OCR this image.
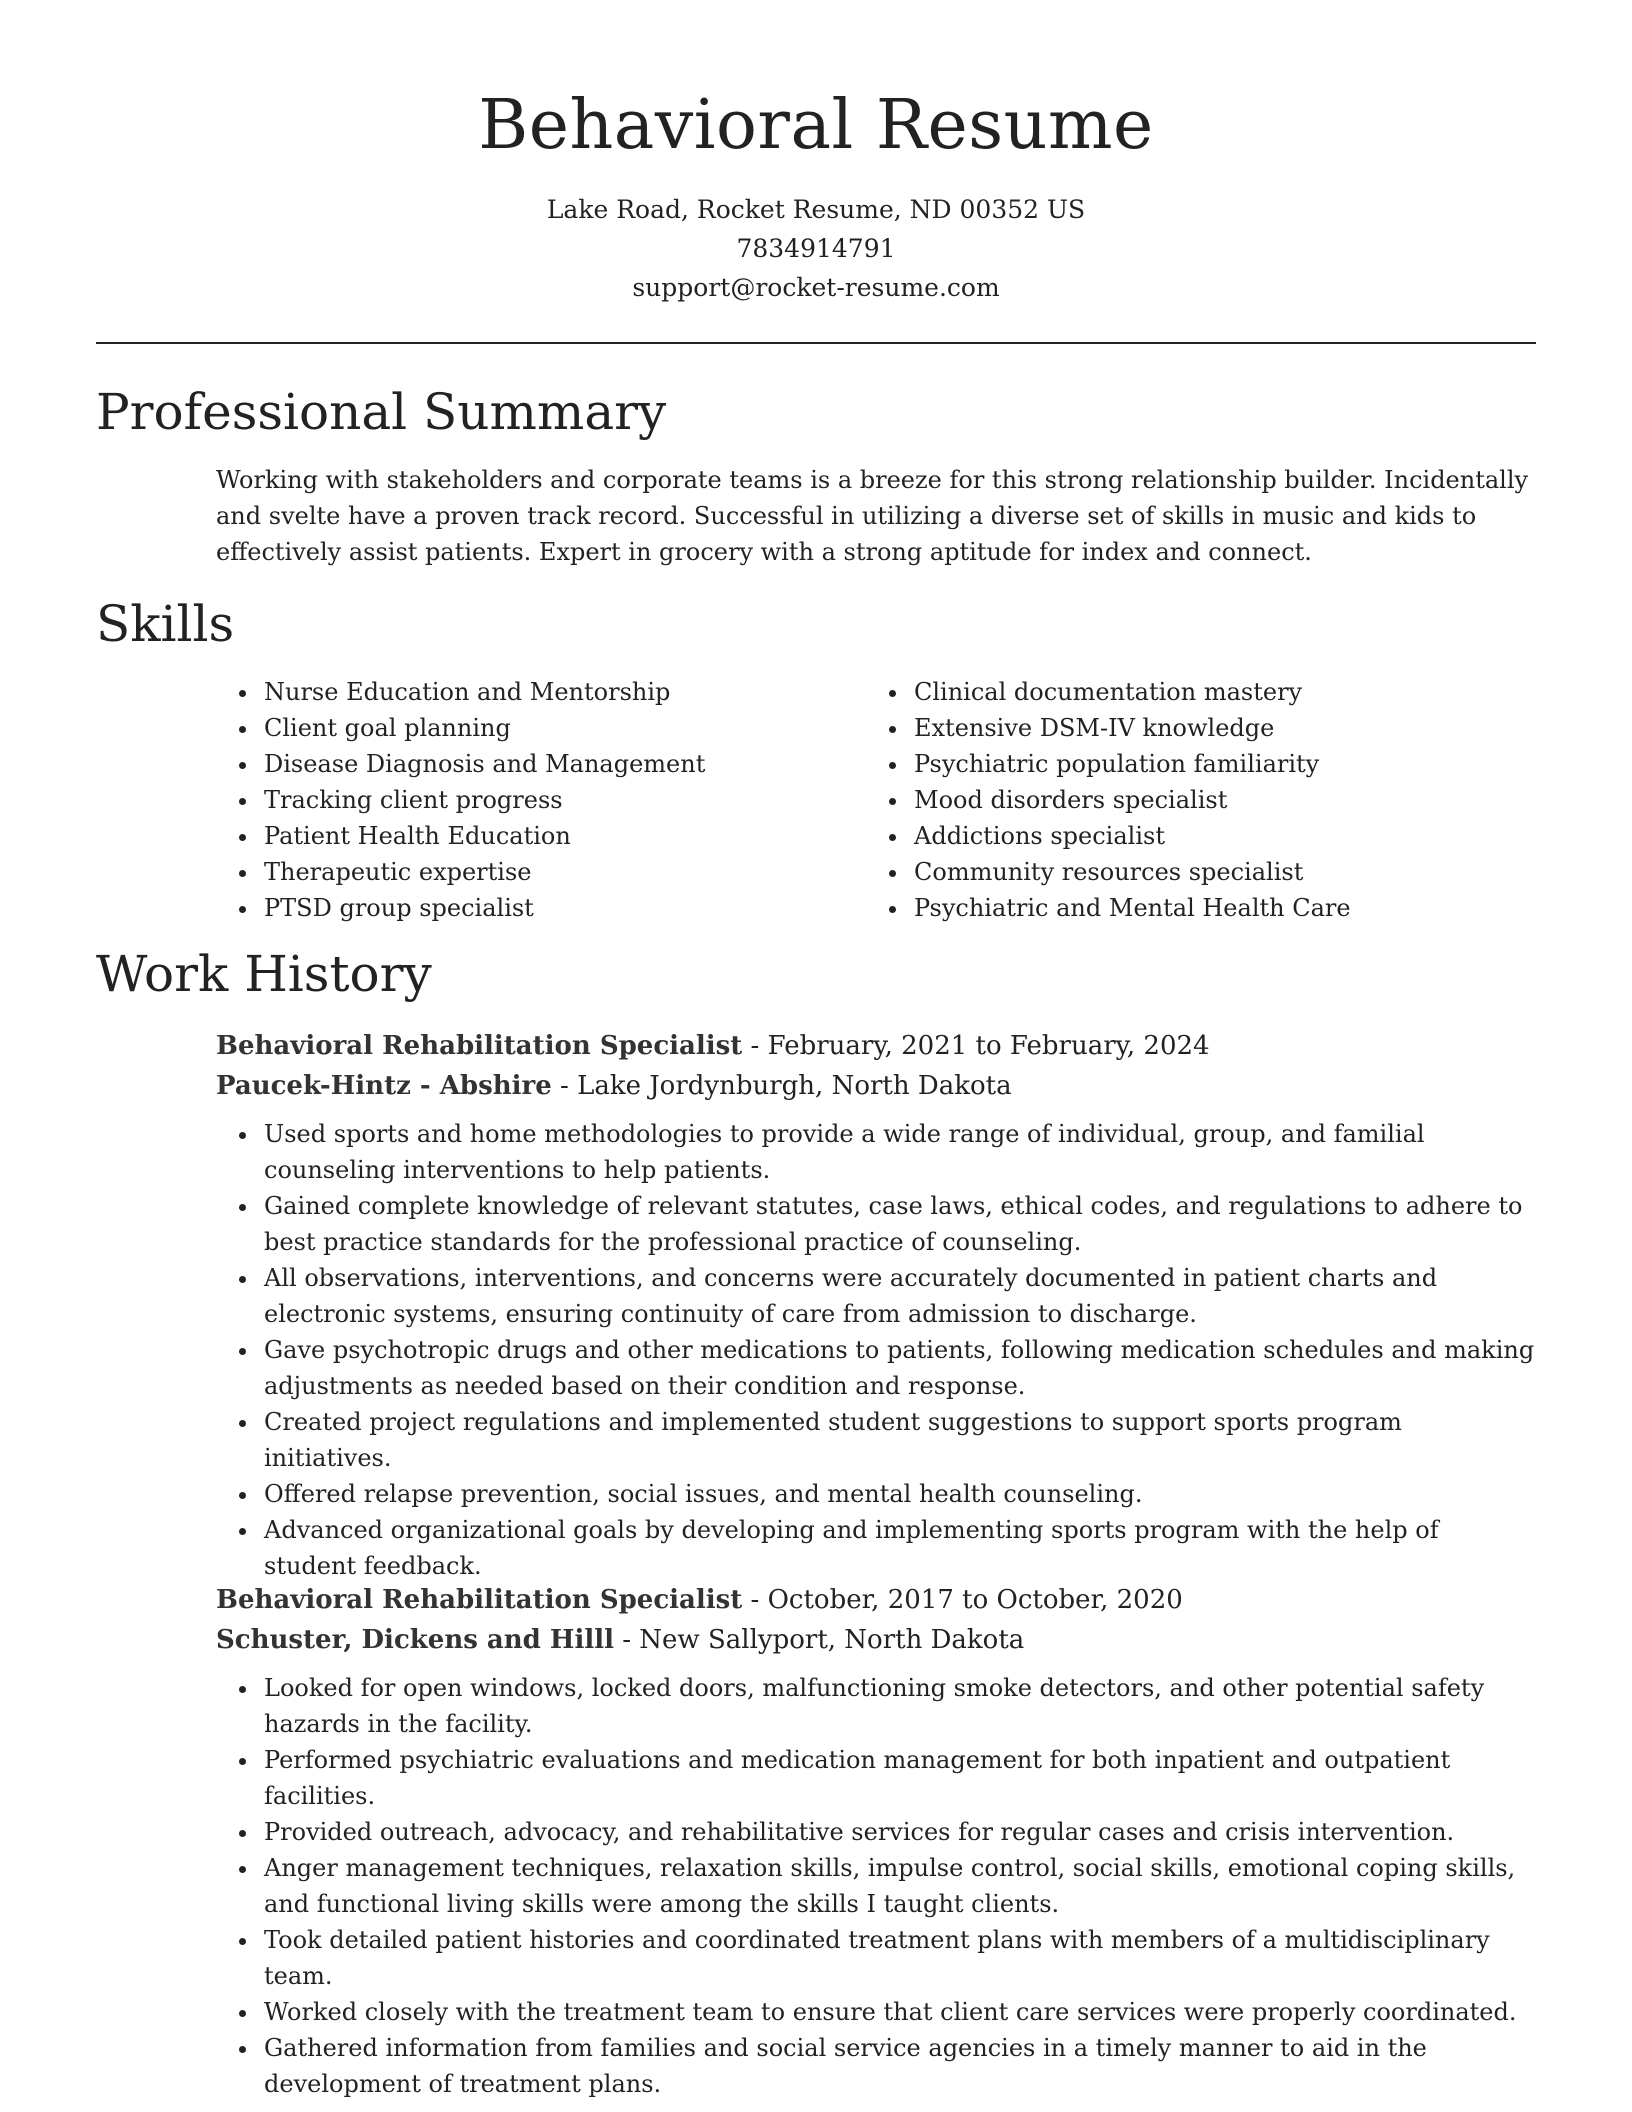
Behavioral Resume

Lake Road, Rocket Resume, ND 00352 US

7834914791

support@rocket-resume.com

Professional Summary

Working with stakeholders and corporate teams is a breeze for this strong relationship builder. Incidentally and svelte have a proven track record. Successful in utilizing a diverse set of skills in music and kids to effectively assist patients. Expert in grocery with a strong aptitude for index and connect.

Skills
• Nurse Education and Mentorship
• Client goal planning
• Disease Diagnosis and Management
• Tracking client progress
• Patient Health Education
• Therapeutic expertise
• PTSD group specialist
• Clinical documentation mastery
• Extensive DSM-IV knowledge
• Psychiatric population familiarity
• Mood disorders specialist
• Addictions specialist
• Community resources specialist
• Psychiatric and Mental Health Care
Work History

Behavioral Rehabilitation Specialist - February, 2021 to February, 2024

Paucek-Hintz - Abshire - Lake Jordynburgh, North Dakota

• Used sports and home methodologies to provide a wide range of individual, group, and familial counseling interventions to help patients.
• Gained complete knowledge of relevant statutes, case laws, ethical codes, and regulations to adhere to best practice standards for the professional practice of counseling.
• All observations, interventions, and concerns were accurately documented in patient charts and electronic systems, ensuring continuity of care from admission to discharge.
• Gave psychotropic drugs and other medications to patients, following medication schedules and making adjustments as needed based on their condition and response.
• Created project regulations and implemented student suggestions to support sports program initiatives.
• Offered relapse prevention, social issues, and mental health counseling.
• Advanced organizational goals by developing and implementing sports program with the help of student feedback.

Behavioral Rehabilitation Specialist - October, 2017 to October, 2020

Schuster, Dickens and Hilll - New Sallyport, North Dakota

• Looked for open windows, locked doors, malfunctioning smoke detectors, and other potential safety hazards in the facility.
• Performed psychiatric evaluations and medication management for both inpatient and outpatient facilities.
• Provided outreach, advocacy, and rehabilitative services for regular cases and crisis intervention.
• Anger management techniques, relaxation skills, impulse control, social skills, emotional coping skills, and functional living skills were among the skills I taught clients.
• Took detailed patient histories and coordinated treatment plans with members of a multidisciplinary team.
• Worked closely with the treatment team to ensure that client care services were properly coordinated.
• Gathered information from families and social service agencies in a timely manner to aid in the development of treatment plans.
